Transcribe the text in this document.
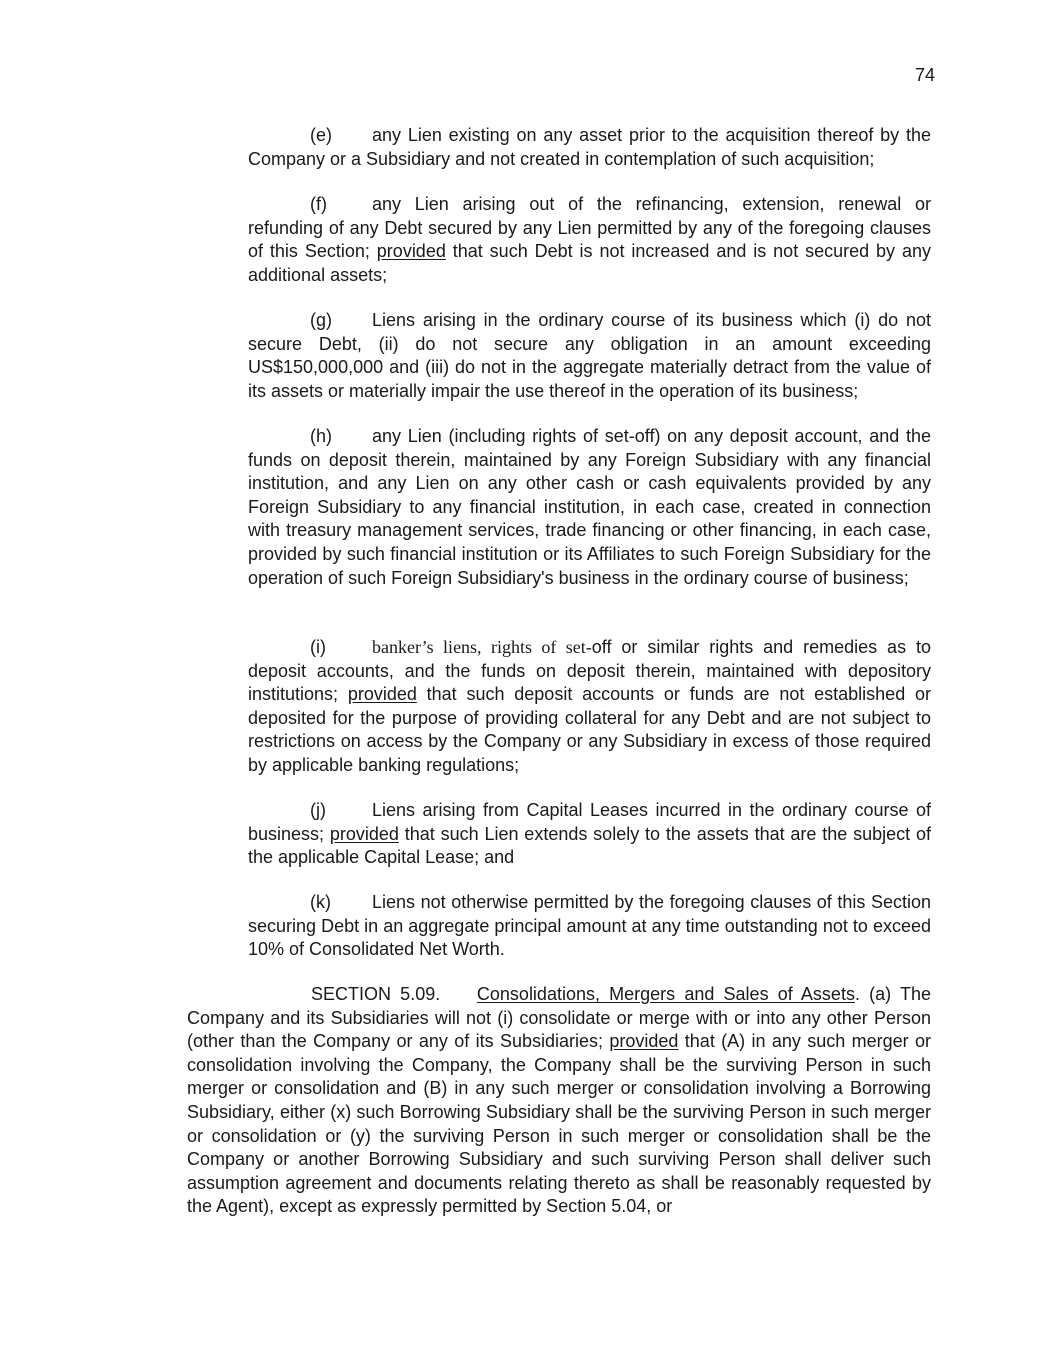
74
(e) any Lien existing on any asset prior to the acquisition thereof by the Company or a Subsidiary and not created in contemplation of such acquisition;
(f)	any Lien arising out of the refinancing, extension, renewal or refunding of any Debt secured by any Lien permitted by any of the foregoing clauses of this Section; provided that such Debt is not increased and is not secured by any additional assets;
(g) Liens arising in the ordinary course of its business which (i) do not secure Debt, (ii) do not secure any obligation in an amount exceeding US$150,000,000 and (iii) do not in the aggregate materially detract from the value of its assets or materially impair the use thereof in the operation of its business;
(h) any Lien (including rights of set-off) on any deposit account, and the funds on deposit therein, maintained by any Foreign Subsidiary with any financial institution, and any Lien on any other cash or cash equivalents provided by any Foreign Subsidiary to any financial institution, in each case, created in connection with treasury management services, trade financing or other financing, in each case, provided by such financial institution or its Affiliates to such Foreign Subsidiary for the operation of such Foreign Subsidiary's business in the ordinary course of business;
(i)	banker’s liens, rights of set-off or similar rights and remedies as to deposit accounts, and the funds on deposit therein, maintained with depository institutions; provided that such deposit accounts or funds are not established or deposited for the purpose of providing collateral for any Debt and are not subject to restrictions on access by the Company or any Subsidiary in excess of those required by applicable banking regulations;
(j)	Liens arising from Capital Leases incurred in the ordinary course of business; provided that such Lien extends solely to the assets that are the subject of the applicable Capital Lease; and
(k) Liens not otherwise permitted by the foregoing clauses of this Section securing Debt in an aggregate principal amount at any time outstanding not to exceed 10% of Consolidated Net Worth.
SECTION 5.09. Consolidations, Mergers and Sales of Assets. (a) The Company and its Subsidiaries will not (i) consolidate or merge with or into any other Person (other than the Company or any of its Subsidiaries; provided that (A) in any such merger or consolidation involving the Company, the Company shall be the surviving Person in such merger or consolidation and (B) in any such merger or consolidation involving a Borrowing Subsidiary, either (x) such Borrowing Subsidiary shall be the surviving Person in such merger or consolidation or (y) the surviving Person in such merger or consolidation shall be the Company or another Borrowing Subsidiary and such surviving Person shall deliver such assumption agreement and documents relating thereto as shall be reasonably requested by the Agent), except as expressly permitted by Section 5.04, or
